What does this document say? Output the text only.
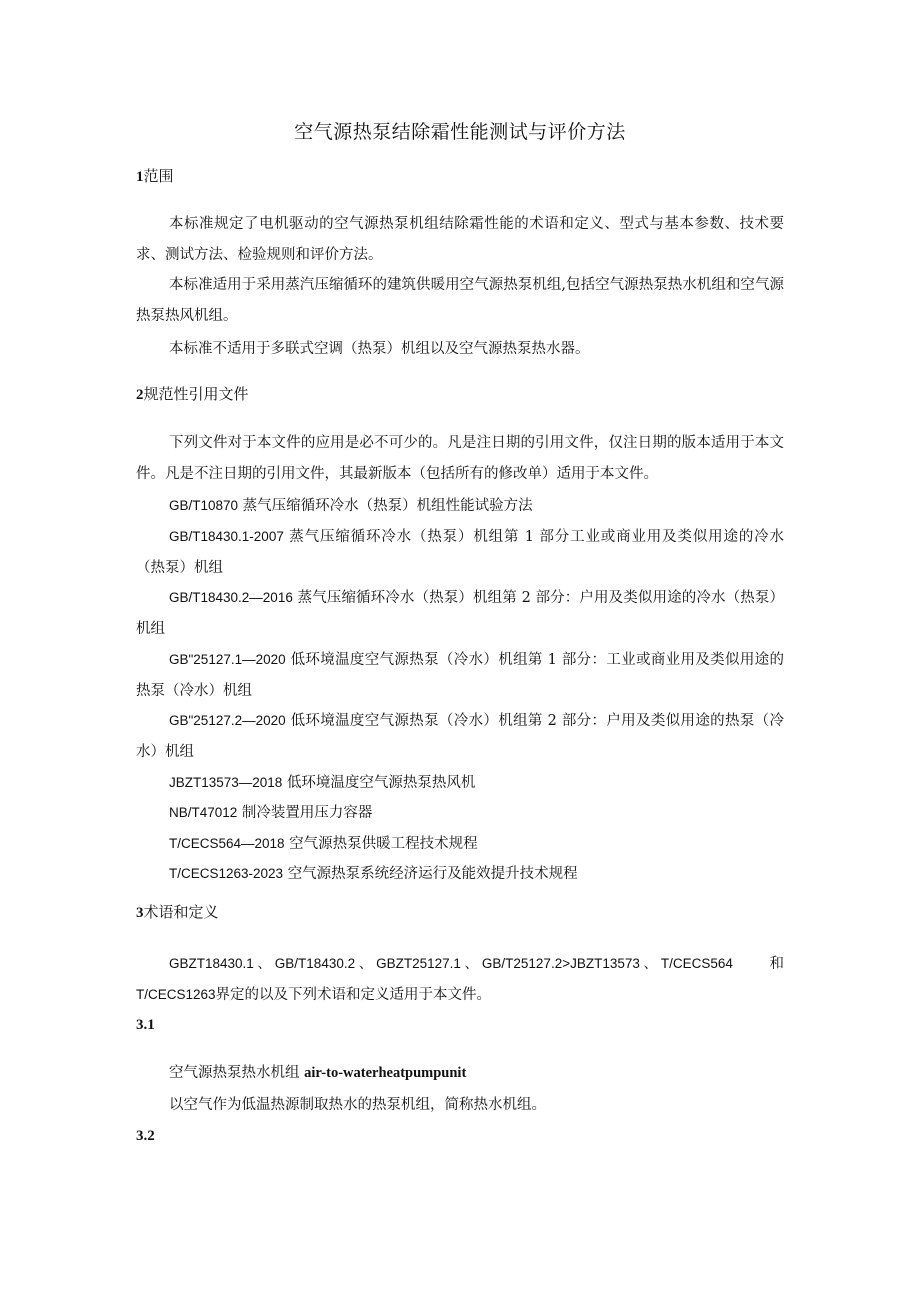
空气源热泵结除霜性能测试与评价方法
1范围

本标准规定了电机驱动的空气源热泵机组结除霜性能的术语和定义、型式与基本参数、技术要求、测试方法、检验规则和评价方法。

本标准适用于采用蒸汽压缩循环的建筑供暖用空气源热泵机组,包括空气源热泵热水机组和空气源热泵热风机组。

本标准不适用于多联式空调（热泵）机组以及空气源热泵热水器。

2规范性引用文件

下列文件对于本文件的应用是必不可少的。凡是注日期的引用文件，仅注日期的版本适用于本文件。凡是不注日期的引用文件，其最新版本（包括所有的修改单）适用于本文件。

GB/T10870 蒸气压缩循环冷水（热泵）机组性能试验方法

GB/T18430.1-2007 蒸气压缩循环冷水（热泵）机组第 1 部分工业或商业用及类似用途的冷水（热泵）机组

GB/T18430.2—2016 蒸气压缩循环冷水（热泵）机组第 2 部分：户用及类似用途的冷水（热泵）机组

GB"25127.1—2020 低环境温度空气源热泵（冷水）机组第 1 部分：工业或商业用及类似用途的热泵（冷水）机组

GB"25127.2—2020 低环境温度空气源热泵（冷水）机组第 2 部分：户用及类似用途的热泵（冷水）机组

JBZT13573—2018 低环境温度空气源热泵热风机

NB/T47012 制冷装置用压力容器

T/CECS564—2018 空气源热泵供暖工程技术规程

T/CECS1263-2023 空气源热泵系统经济运行及能效提升技术规程

3术语和定义
GBZT18430.1 、 GB/T18430.2 、 GBZT25127.1 、 GB/T25127.2>JBZT13573 、 T/CECS564	和
T/CECS1263界定的以及下列术语和定义适用于本文件。
3.1
空气源热泵热水机组 air-to-waterheatpumpunit
以空气作为低温热源制取热水的热泵机组，简称热水机组。
3.2
